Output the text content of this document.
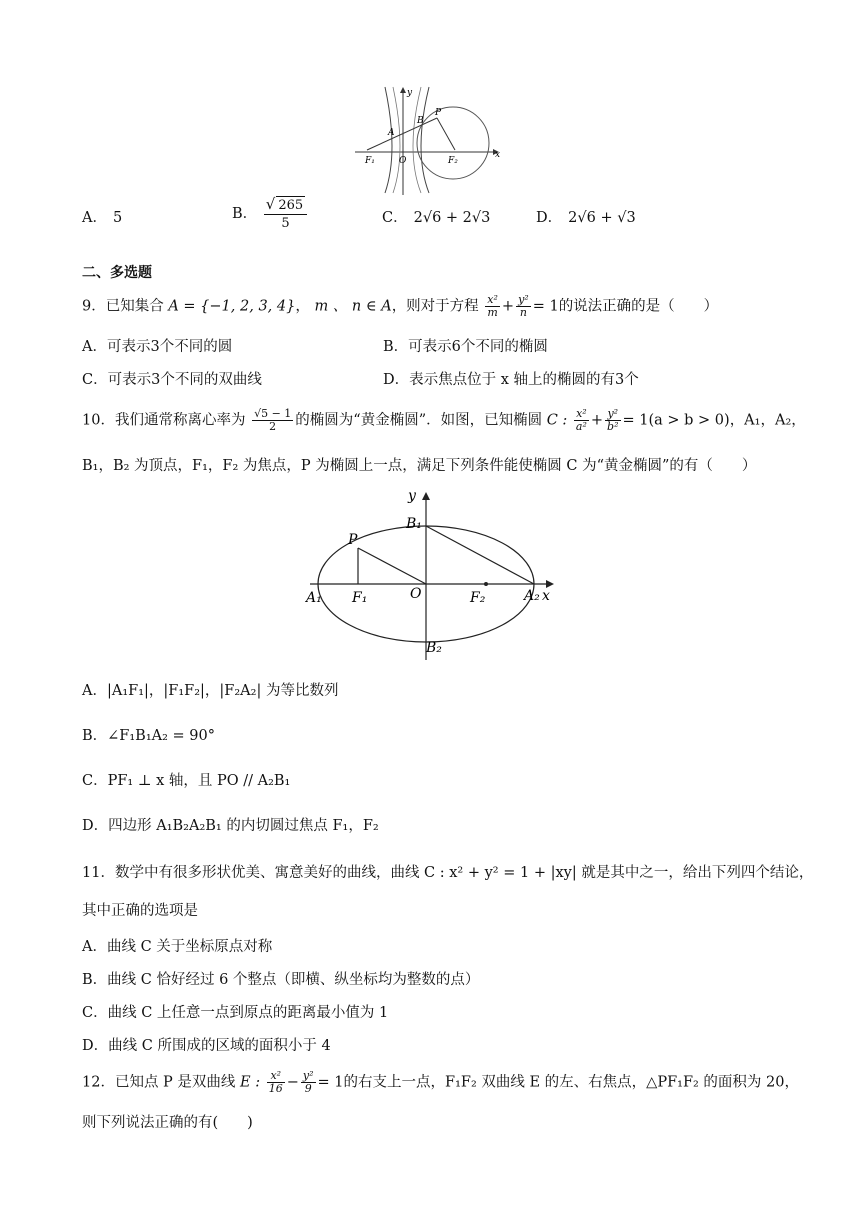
y
x
P
B
A
F₁	O	F₂
A． 5	B． $\frac{√ 265}{5}$	C． 2√6 + 2√3	D． 2√6 + √3
二、多选题
9．已知集合 A = {−1, 2, 3, 4}， m 、 n ∈ A，则对于方程 $\frac{\text{x²}}{m} + \frac{\text{y²}}{n} = 1$的说法正确的是（　　）
A．可表示3个不同的圆	B．可表示6个不同的椭圆
C．可表示3个不同的双曲线	D．表示焦点位于 x 轴上的椭圆的有3个
10．我们通常称离心率为 $\frac{√5 - 1}{2}$ 的椭圆为“黄金椭圆”．如图，已知椭圆 C : $\frac{\text{x²}}{\text{a²}} + \frac{\text{y²}}{\text{b²}} = 1(a > b > 0)$，A₁，A₂，
B₁，B₂ 为顶点，F₁，F₂ 为焦点，P 为椭圆上一点，满足下列条件能使椭圆 C 为“黄金椭圆”的有（　　）
y
B₁
P
A₁ F₁	O	F₂	A₂ x
B₂
A．|A₁F₁|，|F₁F₂|，|F₂A₂| 为等比数列
B．∠F₁B₁A₂ = 90°
C．PF₁ ⊥ x 轴，且 PO // A₂B₁
D．四边形 A₁B₂A₂B₁ 的内切圆过焦点 F₁，F₂
11．数学中有很多形状优美、寓意美好的曲线，曲线 C : x² + y² = 1 + |xy| 就是其中之一，给出下列四个结论，
其中正确的选项是
A．曲线 C 关于坐标原点对称
B．曲线 C 恰好经过 6 个整点（即横、纵坐标均为整数的点）
C．曲线 C 上任意一点到原点的距离最小值为 1
D．曲线 C 所围成的区域的面积小于 4
12．已知点 P 是双曲线 E : $\frac{\text{x²}}{16} - \frac{\text{y²}}{9} = 1$的右支上一点，F₁F₂ 双曲线 E 的左、右焦点，△PF₁F₂ 的面积为 20，
则下列说法正确的有(　　)
